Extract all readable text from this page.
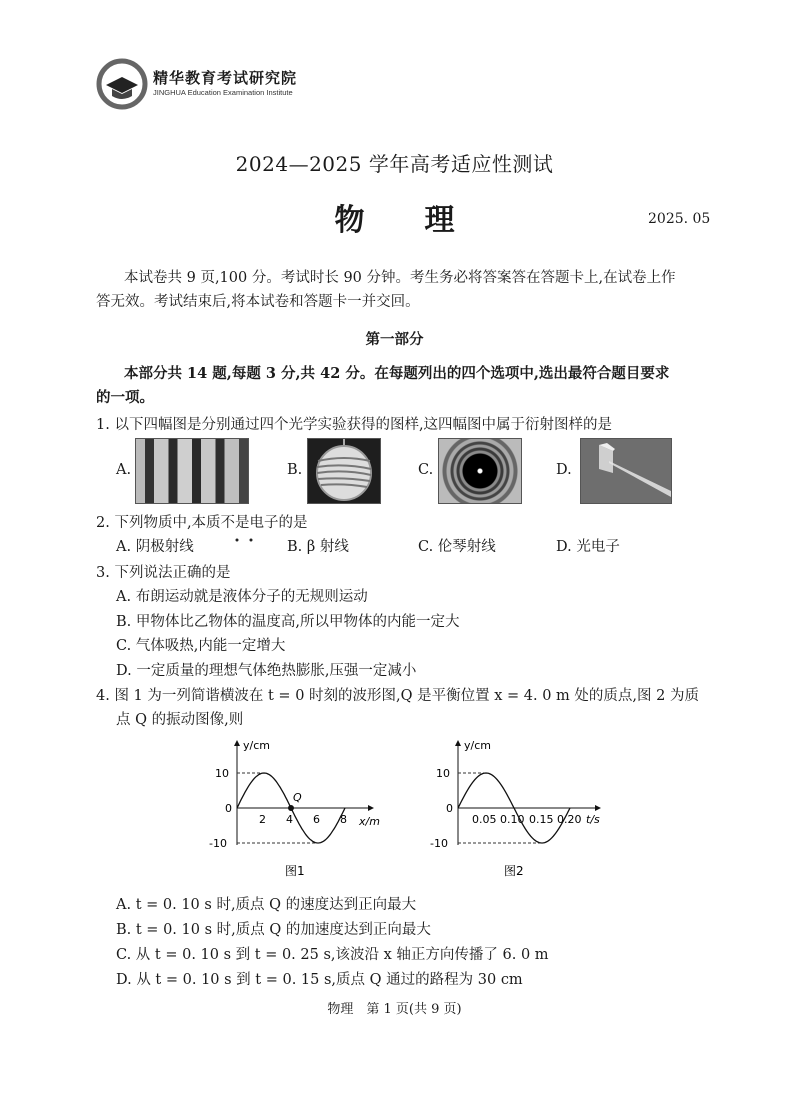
精华教育考试研究院
JINGHUA Education Examination Institute
2024—2025 学年高考适应性测试
物　　理	2025. 05
本试卷共 9 页,100 分。考试时长 90 分钟。考生务必将答案答在答题卡上,在试卷上作
答无效。考试结束后,将本试卷和答题卡一并交回。
第一部分
本部分共 14 题,每题 3 分,共 42 分。在每题列出的四个选项中,选出最符合题目要求
的一项。
1. 以下四幅图是分别通过四个光学实验获得的图样,这四幅图中属于衍射图样的是
A.	B.	C.	D.
2. 下列物质中,本质不是电子的是
A. 阴极射线	B. β 射线	C. 伦琴射线	D. 光电子
3. 下列说法正确的是
A. 布朗运动就是液体分子的无规则运动
B. 甲物体比乙物体的温度高,所以甲物体的内能一定大
C. 气体吸热,内能一定增大
D. 一定质量的理想气体绝热膨胀,压强一定减小
4. 图 1 为一列简谐横波在 t = 0 时刻的波形图,Q 是平衡位置 x = 4. 0 m 处的质点,图 2 为质
点 Q 的振动图像,则
y/cm
x/m
10
0
-10
2 4 6 8
Q
图1
y/cm
t/s
10
0
-10
0.05 0.10 0.15 0.20
图2
A. t = 0. 10 s 时,质点 Q 的速度达到正向最大
B. t = 0. 10 s 时,质点 Q 的加速度达到正向最大
C. 从 t = 0. 10 s 到 t = 0. 25 s,该波沿 x 轴正方向传播了 6. 0 m
D. 从 t = 0. 10 s 到 t = 0. 15 s,质点 Q 通过的路程为 30 cm
物理　第 1 页(共 9 页)
